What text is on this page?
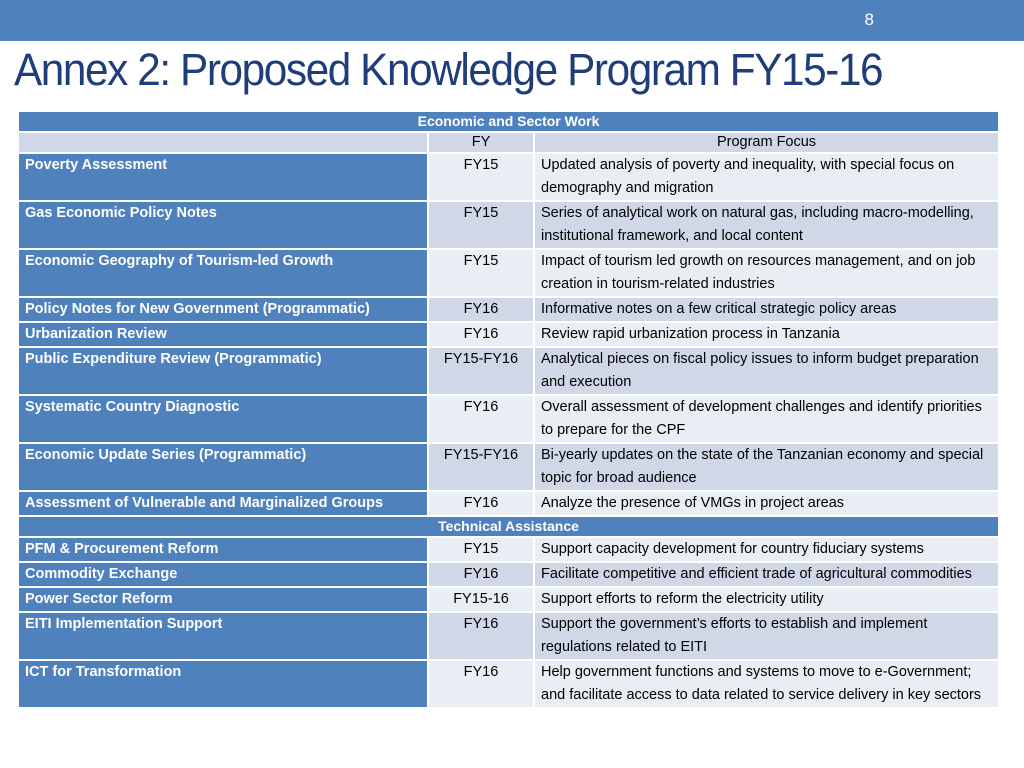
8
Annex 2: Proposed Knowledge Program FY15-16
Economic and Sector Work		
	FY	Program Focus
Poverty Assessment	FY15	Updated analysis of poverty and inequality, with special focus on demography and migration
Gas Economic Policy Notes	FY15	Series of analytical work on natural gas, including macro-modelling, institutional framework, and local content
Economic Geography of Tourism-led Growth	FY15	Impact of tourism led growth on resources management, and on job creation in tourism-related industries
Policy Notes for New Government (Programmatic)	FY16	Informative notes on a few critical strategic policy areas
Urbanization Review	FY16	Review rapid urbanization process in Tanzania
Public Expenditure Review (Programmatic)	FY15-FY16	Analytical pieces on fiscal policy issues to inform budget preparation and execution
Systematic Country Diagnostic	FY16	Overall assessment of development challenges and identify priorities to prepare for the CPF
Economic Update Series (Programmatic)	FY15-FY16	Bi-yearly updates on the state of the Tanzanian economy and special topic for broad audience
Assessment of Vulnerable and Marginalized Groups	FY16	Analyze the presence of VMGs in project areas
Technical Assistance		
PFM & Procurement Reform	FY15	Support capacity development for country fiduciary systems
Commodity Exchange	FY16	Facilitate competitive and efficient trade of agricultural commodities
Power Sector Reform	FY15-16	Support efforts to reform the electricity utility
EITI Implementation Support	FY16	Support the government’s efforts to establish and implement regulations related to EITI
ICT for Transformation	FY16	Help government functions and systems to move to e-Government; and facilitate access to data related to service delivery in key sectors
